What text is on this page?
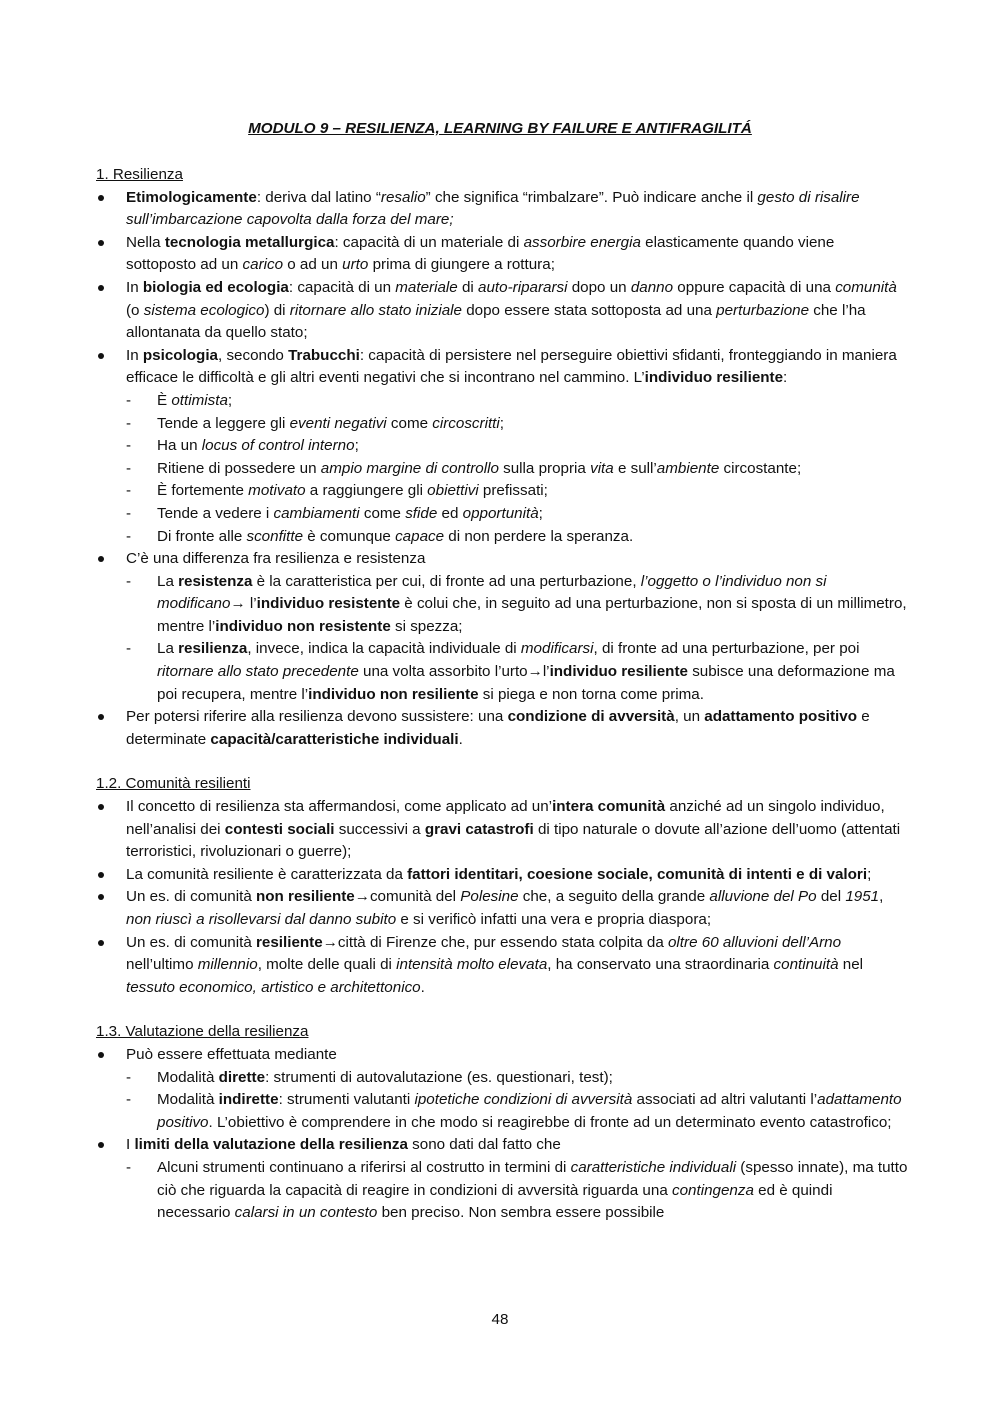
MODULO 9 – RESILIENZA, LEARNING BY FAILURE E ANTIFRAGILITÁ
1. Resilienza
Etimologicamente: deriva dal latino “resalio” che significa “rimbalzare”. Può indicare anche il gesto di risalire sull’imbarcazione capovolta dalla forza del mare;
Nella tecnologia metallurgica: capacità di un materiale di assorbire energia elasticamente quando viene sottoposto ad un carico o ad un urto prima di giungere a rottura;
In biologia ed ecologia: capacità di un materiale di auto-ripararsi dopo un danno oppure capacità di una comunità (o sistema ecologico) di ritornare allo stato iniziale dopo essere stata sottoposta ad una perturbazione che l’ha allontanata da quello stato;
In psicologia, secondo Trabucchi: capacità di persistere nel perseguire obiettivi sfidanti, fronteggiando in maniera efficace le difficoltà e gli altri eventi negativi che si incontrano nel cammino. L’individuo resiliente:
- È ottimista;
- Tende a leggere gli eventi negativi come circoscritti;
- Ha un locus of control interno;
- Ritiene di possedere un ampio margine di controllo sulla propria vita e sull’ambiente circostante;
- È fortemente motivato a raggiungere gli obiettivi prefissati;
- Tende a vedere i cambiamenti come sfide ed opportunità;
- Di fronte alle sconfitte è comunque capace di non perdere la speranza.
C’è una differenza fra resilienza e resistenza
- La resistenza è la caratteristica per cui, di fronte ad una perturbazione, l’oggetto o l’individuo non si modificano→ l’individuo resistente è colui che, in seguito ad una perturbazione, non si sposta di un millimetro, mentre l’individuo non resistente si spezza;
- La resilienza, invece, indica la capacità individuale di modificarsi, di fronte ad una perturbazione, per poi ritornare allo stato precedente una volta assorbito l’urto→l’individuo resiliente subisce una deformazione ma poi recupera, mentre l’individuo non resiliente si piega e non torna come prima.
Per potersi riferire alla resilienza devono sussistere: una condizione di avversità, un adattamento positivo e determinate capacità/caratteristiche individuali.
1.2. Comunità resilienti
Il concetto di resilienza sta affermandosi, come applicato ad un’intera comunità anziché ad un singolo individuo, nell’analisi dei contesti sociali successivi a gravi catastrofi di tipo naturale o dovute all’azione dell’uomo (attentati terroristici, rivoluzionari o guerre);
La comunità resiliente è caratterizzata da fattori identitari, coesione sociale, comunità di intenti e di valori;
Un es. di comunità non resiliente→comunità del Polesine che, a seguito della grande alluvione del Po del 1951, non riuscì a risollevarsi dal danno subito e si verificò infatti una vera e propria diaspora;
Un es. di comunità resiliente→città di Firenze che, pur essendo stata colpita da oltre 60 alluvioni dell’Arno nell’ultimo millennio, molte delle quali di intensità molto elevata, ha conservato una straordinaria continuità nel tessuto economico, artistico e architettonico.
1.3. Valutazione della resilienza
Può essere effettuata mediante
- Modalità dirette: strumenti di autovalutazione (es. questionari, test);
- Modalità indirette: strumenti valutanti ipotetiche condizioni di avversità associati ad altri valutanti l’adattamento positivo. L’obiettivo è comprendere in che modo si reagirebbe di fronte ad un determinato evento catastrofico;
I limiti della valutazione della resilienza sono dati dal fatto che
- Alcuni strumenti continuano a riferirsi al costrutto in termini di caratteristiche individuali (spesso innate), ma tutto ciò che riguarda la capacità di reagire in condizioni di avversità riguarda una contingenza ed è quindi necessario calarsi in un contesto ben preciso. Non sembra essere possibile
48
